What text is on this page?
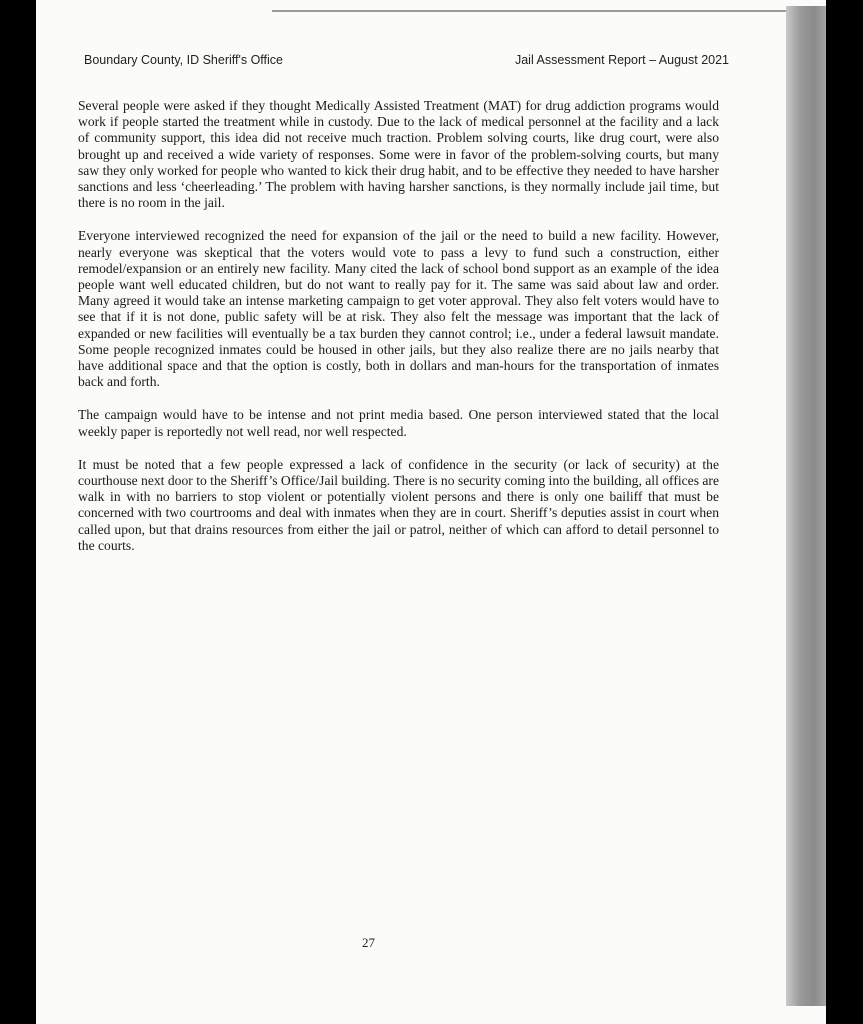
Boundary County, ID Sheriff's Office	Jail Assessment Report – August 2021

Several people were asked if they thought Medically Assisted Treatment (MAT) for drug addiction programs would work if people started the treatment while in custody. Due to the lack of medical personnel at the facility and a lack of community support, this idea did not receive much traction. Problem solving courts, like drug court, were also brought up and received a wide variety of responses. Some were in favor of the problem-solving courts, but many saw they only worked for people who wanted to kick their drug habit, and to be effective they needed to have harsher sanctions and less ‘cheerleading.’ The problem with having harsher sanctions, is they normally include jail time, but there is no room in the jail.

Everyone interviewed recognized the need for expansion of the jail or the need to build a new facility. However, nearly everyone was skeptical that the voters would vote to pass a levy to fund such a construction, either remodel/expansion or an entirely new facility. Many cited the lack of school bond support as an example of the idea people want well educated children, but do not want to really pay for it. The same was said about law and order. Many agreed it would take an intense marketing campaign to get voter approval. They also felt voters would have to see that if it is not done, public safety will be at risk. They also felt the message was important that the lack of expanded or new facilities will eventually be a tax burden they cannot control; i.e., under a federal lawsuit mandate. Some people recognized inmates could be housed in other jails, but they also realize there are no jails nearby that have additional space and that the option is costly, both in dollars and man-hours for the transportation of inmates back and forth.

The campaign would have to be intense and not print media based. One person interviewed stated that the local weekly paper is reportedly not well read, nor well respected.

It must be noted that a few people expressed a lack of confidence in the security (or lack of security) at the courthouse next door to the Sheriff’s Office/Jail building. There is no security coming into the building, all offices are walk in with no barriers to stop violent or potentially violent persons and there is only one bailiff that must be concerned with two courtrooms and deal with inmates when they are in court. Sheriff’s deputies assist in court when called upon, but that drains resources from either the jail or patrol, neither of which can afford to detail personnel to the courts.

27
